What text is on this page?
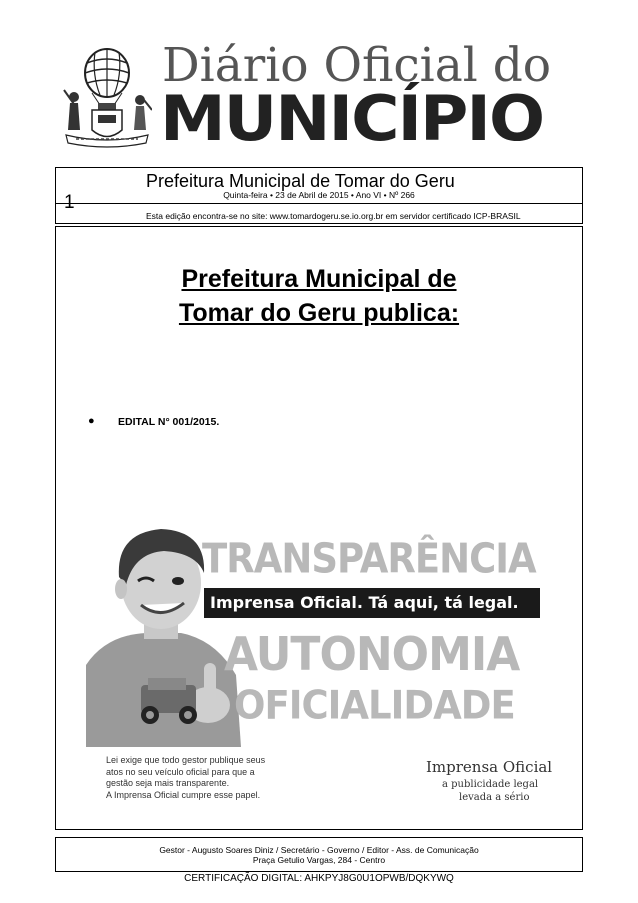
Diário Oficial do
MUNICÍPIO
1
Prefeitura Municipal de Tomar do Geru
Quinta-feira • 23 de Abril de 2015 • Ano VI • Nº 266
Esta edição encontra-se no site: www.tomardogeru.se.io.org.br em servidor certificado ICP-BRASIL
Prefeitura Municipal de
Tomar do Geru publica:
● EDITAL N° 001/2015.
TRANSPARÊNCIA
Imprensa Oficial. Tá aqui, tá legal.
AUTONOMIA
OFICIALIDADE
Lei exige que todo gestor publique seus
atos no seu veículo oficial para que a
gestão seja mais transparente.
A Imprensa Oficial cumpre esse papel.
Imprensa Oficial
a publicidade legal
levada a sério
Gestor - Augusto Soares Diniz / Secretário - Governo / Editor - Ass. de Comunicação
Praça Getulio Vargas, 284 - Centro
CERTIFICAÇÃO DIGITAL: AHKPYJ8G0U1OPWB/DQKYWQ
